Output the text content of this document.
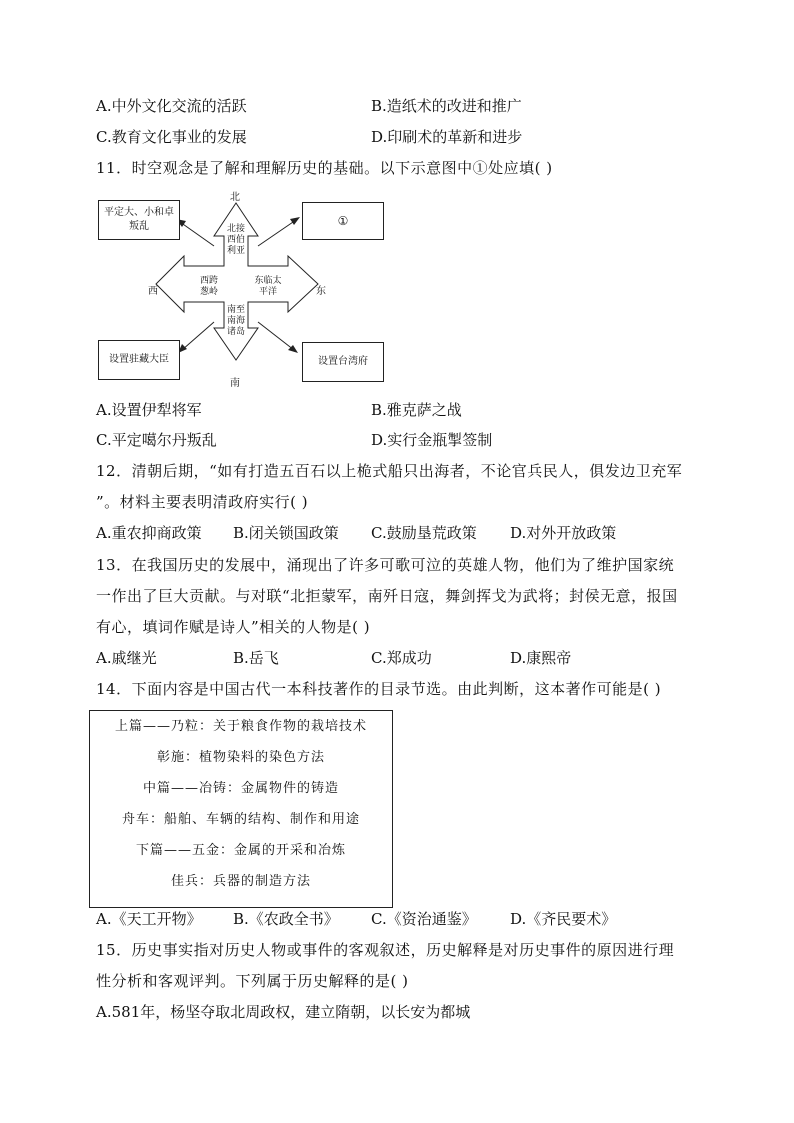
A.中外文化交流的活跃	B.造纸术的改进和推广
C.教育文化事业的发展	D.印刷术的革新和进步
11．时空观念是了解和理解历史的基础。以下示意图中①处应填( )
北
南
西	东
平定大、小和卓
叛乱	①
设置驻藏大臣	设置台湾府
北接
西伯
利亚
西跨
葱岭
东临太
平洋
南至
南海
诸岛
A.设置伊犁将军	B.雅克萨之战
C.平定噶尔丹叛乱	D.实行金瓶掣签制
12．清朝后期，“如有打造五百石以上桅式船只出海者，不论官兵民人，俱发边卫充军
”。材料主要表明清政府实行( )
A.重农抑商政策 B.闭关锁国政策 C.鼓励垦荒政策 D.对外开放政策
13．在我国历史的发展中，涌现出了许多可歌可泣的英雄人物，他们为了维护国家统
一作出了巨大贡献。与对联“北拒蒙军，南歼日寇，舞剑挥戈为武将；封侯无意，报国
有心，填词作赋是诗人”相关的人物是( )
A.戚继光	B.岳飞	C.郑成功	D.康熙帝
14．下面内容是中国古代一本科技著作的目录节选。由此判断，这本著作可能是( )
上篇——乃粒：关于粮食作物的栽培技术
彰施：植物染料的染色方法
中篇——冶铸：金属物件的铸造
舟车：船舶、车辆的结构、制作和用途
下篇——五金：金属的开采和冶炼
佳兵：兵器的制造方法
A.《天工开物》 B.《农政全书》 C.《资治通鉴》 D.《齐民要术》
15．历史事实指对历史人物或事件的客观叙述，历史解释是对历史事件的原因进行理
性分析和客观评判。下列属于历史解释的是( )
A.581年，杨坚夺取北周政权，建立隋朝，以长安为都城
